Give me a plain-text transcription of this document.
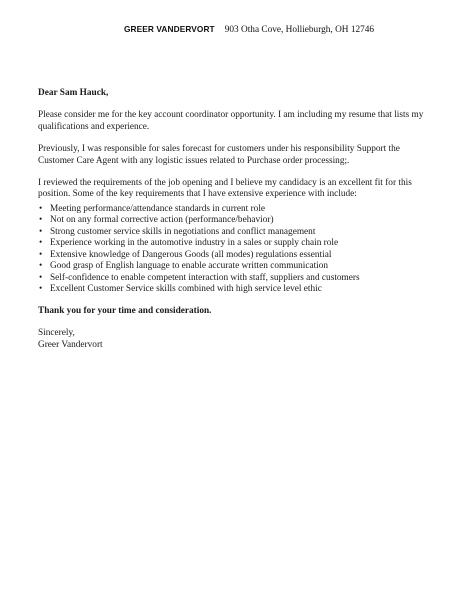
GREER VANDERVORT 903 Otha Cove, Hollieburgh, OH 12746

Dear Sam Hauck,

Please consider me for the key account coordinator opportunity. I am including my resume that lists my qualifications and experience.

Previously, I was responsible for sales forecast for customers under his responsibility Support the Customer Care Agent with any logistic issues related to Purchase order processing;.

I reviewed the requirements of the job opening and I believe my candidacy is an excellent fit for this position. Some of the key requirements that I have extensive experience with include:

• Meeting performance/attendance standards in current role
• Not on any formal corrective action (performance/behavior)
• Strong customer service skills in negotiations and conflict management
• Experience working in the automotive industry in a sales or supply chain role
• Extensive knowledge of Dangerous Goods (all modes) regulations essential
• Good grasp of English language to enable accurate written communication
• Self-confidence to enable competent interaction with staff, suppliers and customers
• Excellent Customer Service skills combined with high service level ethic

Thank you for your time and consideration.

Sincerely,
Greer Vandervort
